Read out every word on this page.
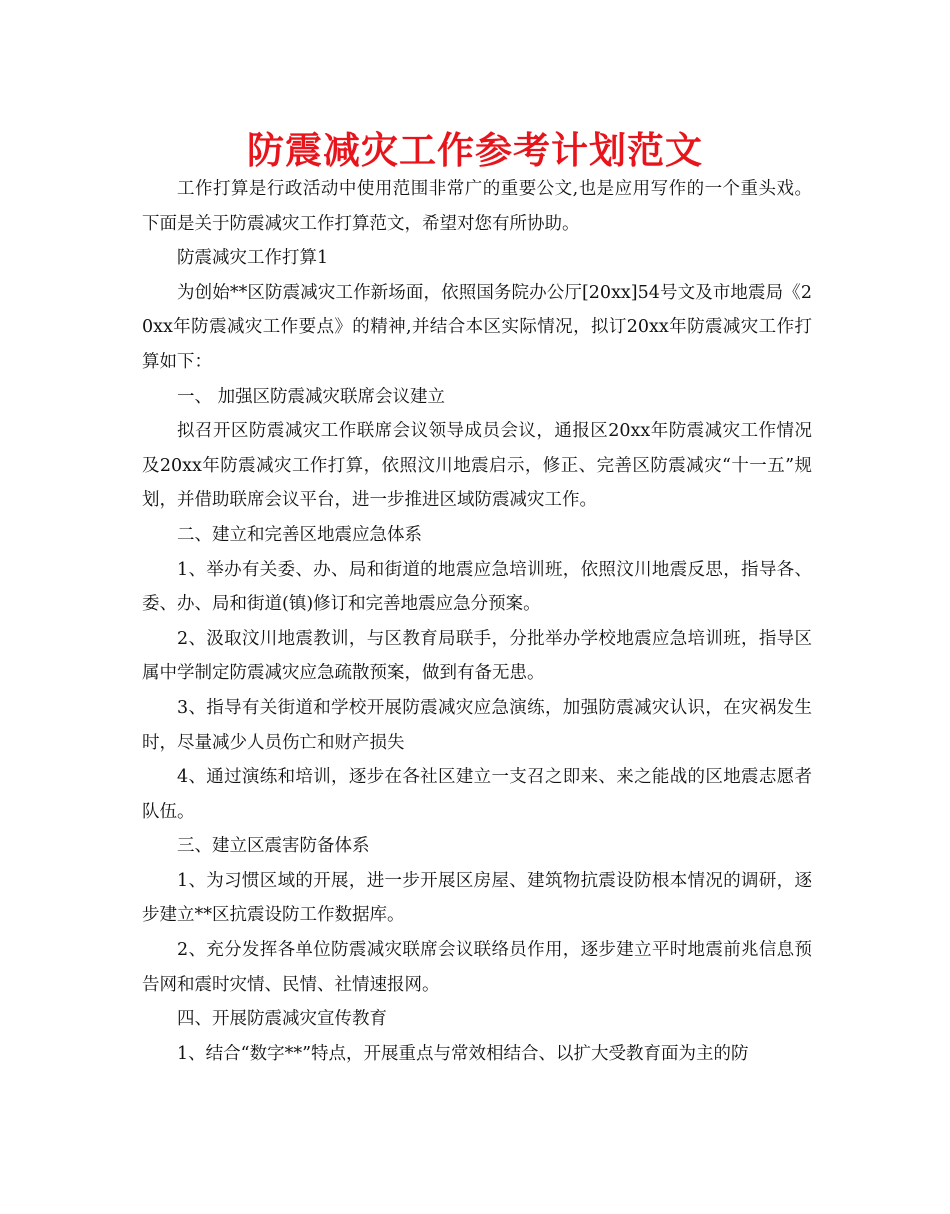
防震减灾工作参考计划范文

工作打算是行政活动中使用范围非常广的重要公文,也是应用写作的一个重头戏。下面是关于防震减灾工作打算范文，希望对您有所协助。

防震减灾工作打算1

为创始**区防震减灾工作新场面，依照国务院办公厅[20xx]54号文及市地震局《20xx年防震减灾工作要点》的精神,并结合本区实际情况，拟订20xx年防震减灾工作打算如下：

一、 加强区防震减灾联席会议建立

拟召开区防震减灾工作联席会议领导成员会议，通报区20xx年防震减灾工作情况及20xx年防震减灾工作打算，依照汶川地震启示，修正、完善区防震减灾“十一五”规划，并借助联席会议平台，进一步推进区域防震减灾工作。

二、建立和完善区地震应急体系

1、举办有关委、办、局和街道的地震应急培训班，依照汶川地震反思，指导各、委、办、局和街道(镇)修订和完善地震应急分预案。

2、汲取汶川地震教训，与区教育局联手，分批举办学校地震应急培训班，指导区属中学制定防震减灾应急疏散预案，做到有备无患。

3、指导有关街道和学校开展防震减灾应急演练，加强防震减灾认识，在灾祸发生时，尽量减少人员伤亡和财产损失

4、通过演练和培训，逐步在各社区建立一支召之即来、来之能战的区地震志愿者队伍。

三、建立区震害防备体系

1、为习惯区域的开展，进一步开展区房屋、建筑物抗震设防根本情况的调研，逐步建立**区抗震设防工作数据库。

2、充分发挥各单位防震减灾联席会议联络员作用，逐步建立平时地震前兆信息预告网和震时灾情、民情、社情速报网。

四、开展防震减灾宣传教育

1、结合“数字**”特点，开展重点与常效相结合、以扩大受教育面为主的防
